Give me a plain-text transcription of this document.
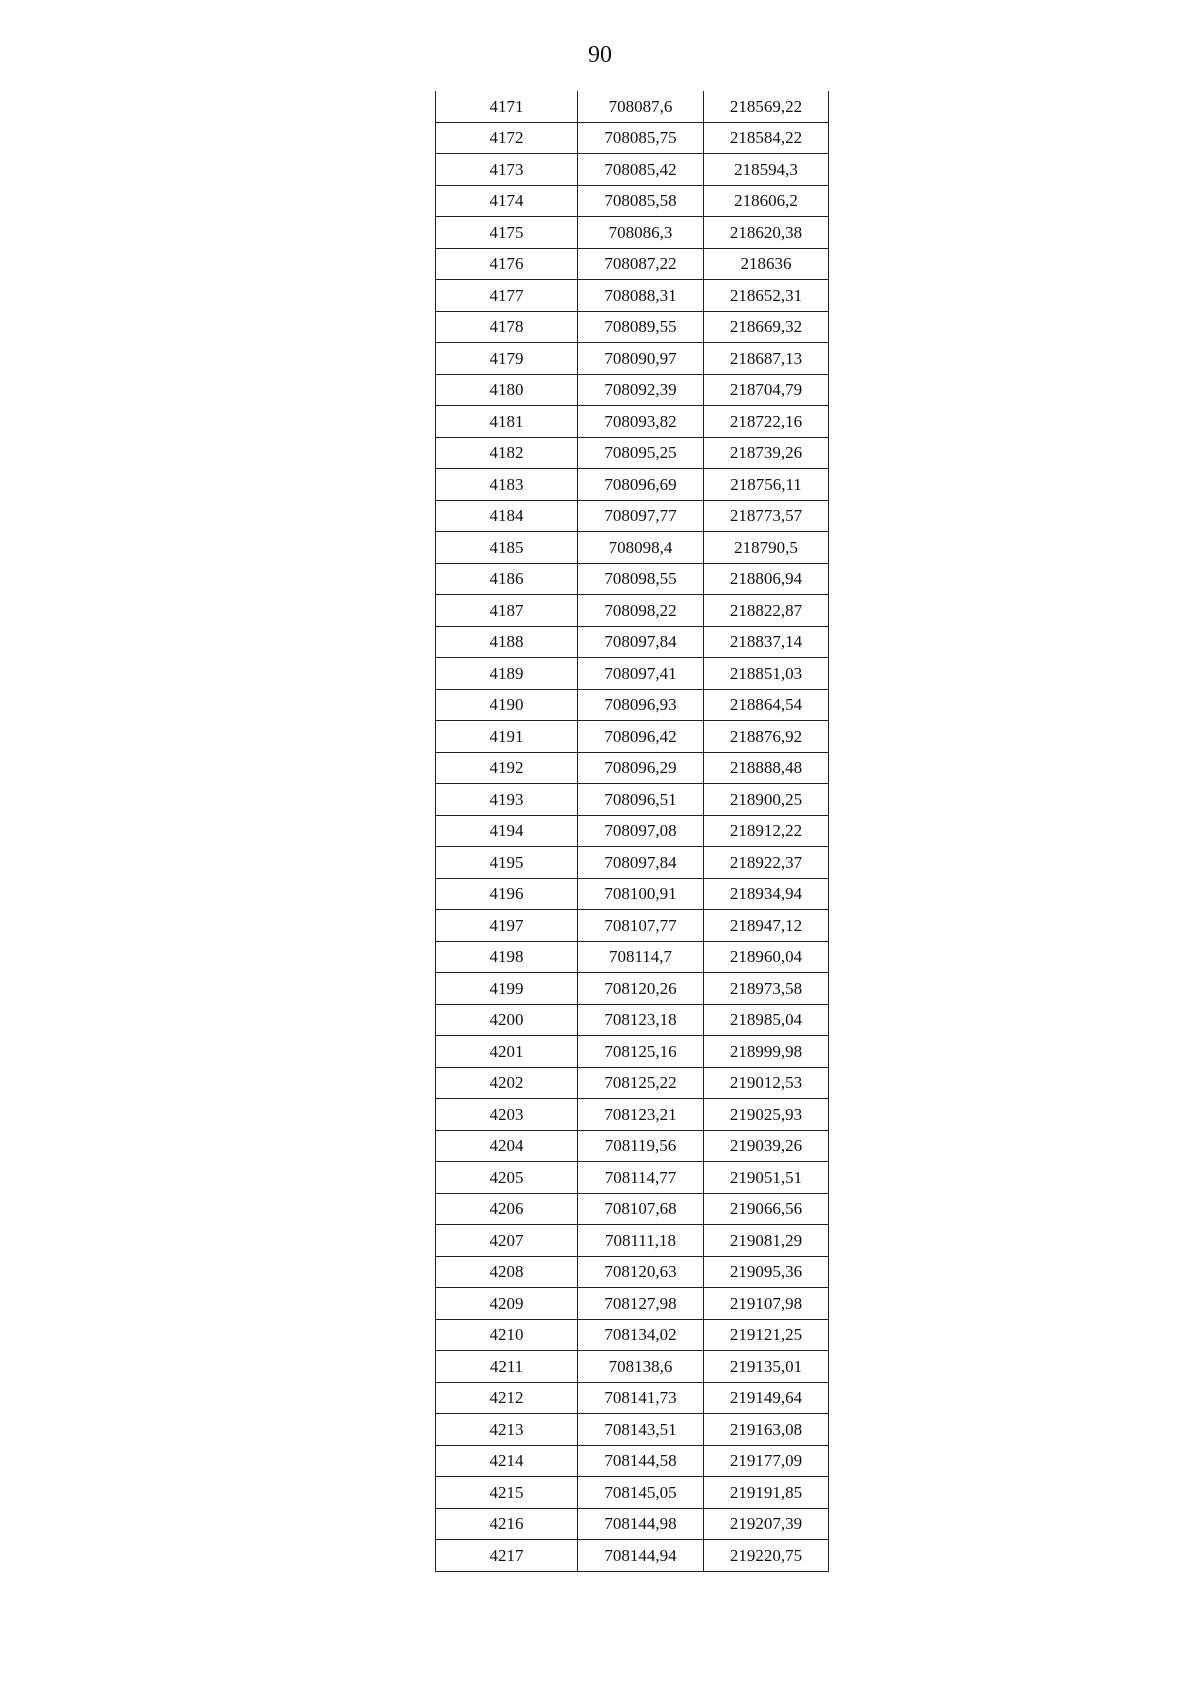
90
4171	708087,6	218569,22
4172	708085,75	218584,22
4173	708085,42	218594,3
4174	708085,58	218606,2
4175	708086,3	218620,38
4176	708087,22	218636
4177	708088,31	218652,31
4178	708089,55	218669,32
4179	708090,97	218687,13
4180	708092,39	218704,79
4181	708093,82	218722,16
4182	708095,25	218739,26
4183	708096,69	218756,11
4184	708097,77	218773,57
4185	708098,4	218790,5
4186	708098,55	218806,94
4187	708098,22	218822,87
4188	708097,84	218837,14
4189	708097,41	218851,03
4190	708096,93	218864,54
4191	708096,42	218876,92
4192	708096,29	218888,48
4193	708096,51	218900,25
4194	708097,08	218912,22
4195	708097,84	218922,37
4196	708100,91	218934,94
4197	708107,77	218947,12
4198	708114,7	218960,04
4199	708120,26	218973,58
4200	708123,18	218985,04
4201	708125,16	218999,98
4202	708125,22	219012,53
4203	708123,21	219025,93
4204	708119,56	219039,26
4205	708114,77	219051,51
4206	708107,68	219066,56
4207	708111,18	219081,29
4208	708120,63	219095,36
4209	708127,98	219107,98
4210	708134,02	219121,25
4211	708138,6	219135,01
4212	708141,73	219149,64
4213	708143,51	219163,08
4214	708144,58	219177,09
4215	708145,05	219191,85
4216	708144,98	219207,39
4217	708144,94	219220,75
